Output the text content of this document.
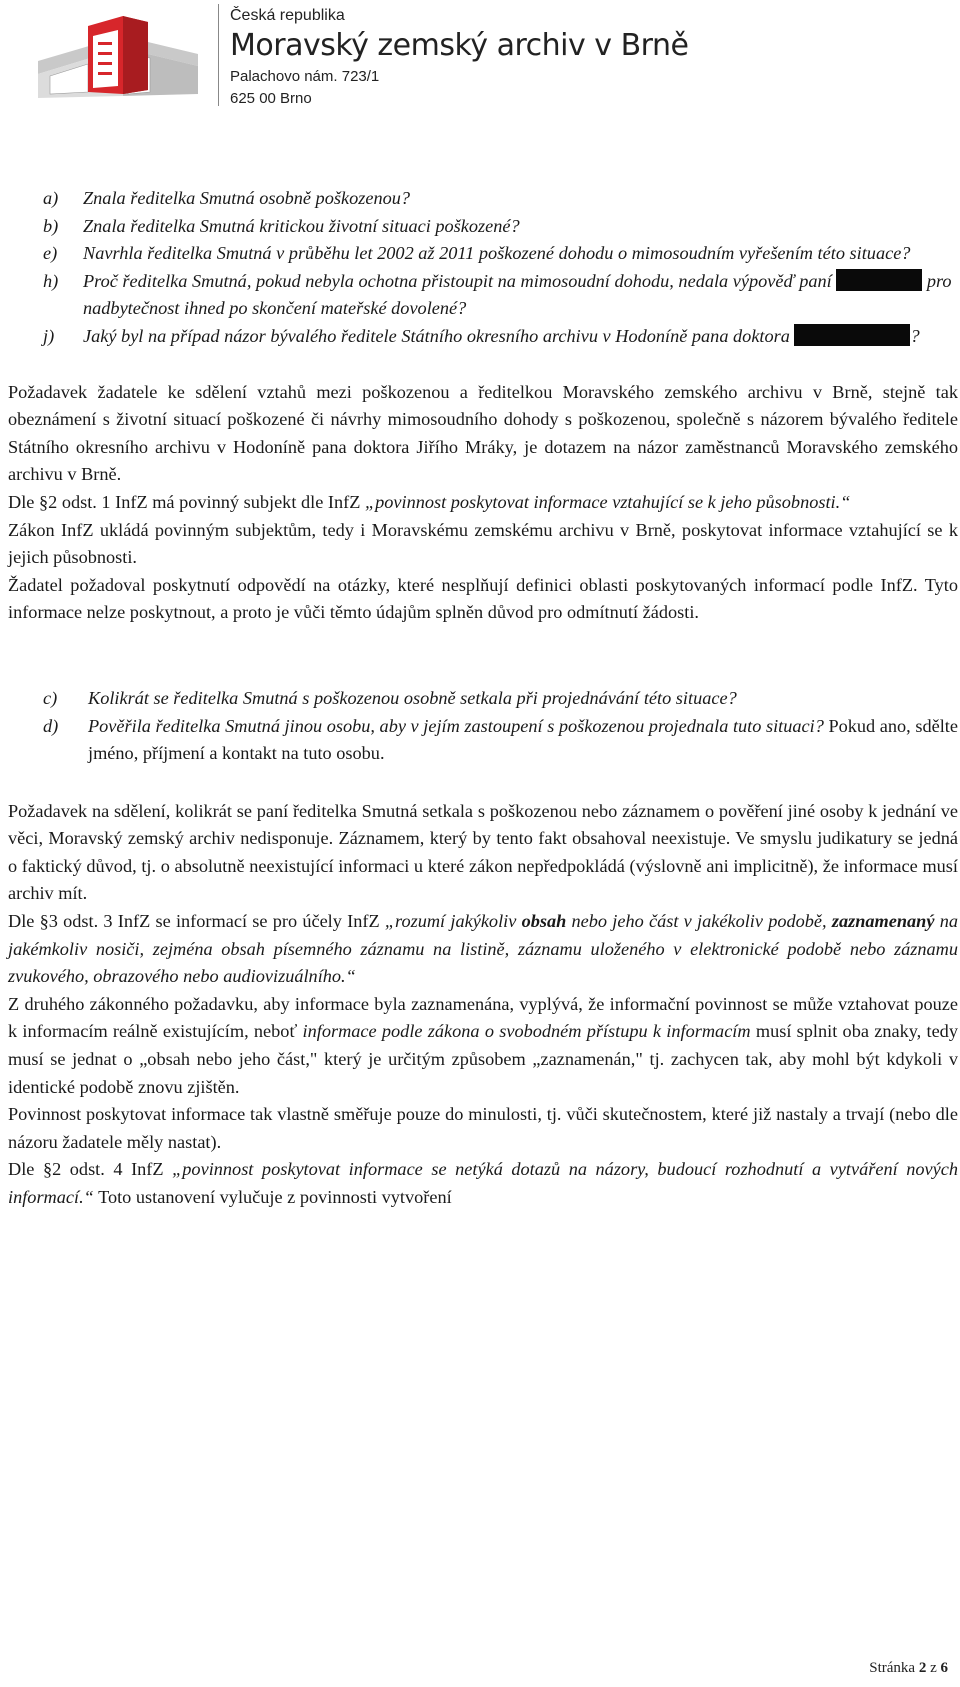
Česká republika
Moravský zemský archiv v Brně
Palachovo nám. 723/1
625 00 Brno
a) Znala ředitelka Smutná osobně poškozenou?
b) Znala ředitelka Smutná kritickou životní situaci poškozené?
e) Navrhla ředitelka Smutná v průběhu let 2002 až 2011 poškozené dohodu o mimosoudním vyřešením této situace?
h) Proč ředitelka Smutná, pokud nebyla ochotna přistoupit na mimosoudní dohodu, nedala výpověď paní	pro nadbytečnost ihned po skončení mateřské dovolené?
j) Jaký byl na případ názor bývalého ředitele Státního okresního archivu v Hodoníně pana doktora	?

Požadavek žadatele ke sdělení vztahů mezi poškozenou a ředitelkou Moravského zemského archivu v Brně, stejně tak obeznámení s životní situací poškozené či návrhy mimosoudního dohody s poškozenou, společně s názorem bývalého ředitele Státního okresního archivu v Hodoníně pana doktora Jiřího Mráky, je dotazem na názor zaměstnanců Moravského zemského archivu v Brně.

Dle §2 odst. 1 InfZ má povinný subjekt dle InfZ „povinnost poskytovat informace vztahující se k jeho působnosti.“

Zákon InfZ ukládá povinným subjektům, tedy i Moravskému zemskému archivu v Brně, poskytovat informace vztahující se k jejich působnosti.

Žadatel požadoval poskytnutí odpovědí na otázky, které nesplňují definici oblasti poskytovaných informací podle InfZ. Tyto informace nelze poskytnout, a proto je vůči těmto údajům splněn důvod pro odmítnutí žádosti.

c) Kolikrát se ředitelka Smutná s poškozenou osobně setkala při projednávání této situace?
d) Pověřila ředitelka Smutná jinou osobu, aby v jejím zastoupení s poškozenou projednala tuto situaci? Pokud ano, sdělte jméno, příjmení a kontakt na tuto osobu.

Požadavek na sdělení, kolikrát se paní ředitelka Smutná setkala s poškozenou nebo záznamem o pověření jiné osoby k jednání ve věci, Moravský zemský archiv nedisponuje. Záznamem, který by tento fakt obsahoval neexistuje. Ve smyslu judikatury se jedná o faktický důvod, tj. o absolutně neexistující informaci u které zákon nepředpokládá (výslovně ani implicitně), že informace musí archiv mít.

Dle §3 odst. 3 InfZ se informací se pro účely InfZ „rozumí jakýkoliv obsah nebo jeho část v jakékoliv podobě, zaznamenaný na jakémkoliv nosiči, zejména obsah písemného záznamu na listině, záznamu uloženého v elektronické podobě nebo záznamu zvukového, obrazového nebo audiovizuálního.“

Z druhého zákonného požadavku, aby informace byla zaznamenána, vyplývá, že informační povinnost se může vztahovat pouze k informacím reálně existujícím, neboť informace podle zákona o svobodném přístupu k informacím musí splnit oba znaky, tedy musí se jednat o „obsah nebo jeho část," který je určitým způsobem „zaznamenán," tj. zachycen tak, aby mohl být kdykoli v identické podobě znovu zjištěn.

Povinnost poskytovat informace tak vlastně směřuje pouze do minulosti, tj. vůči skutečnostem, které již nastaly a trvají (nebo dle názoru žadatele měly nastat).

Dle §2 odst. 4 InfZ „povinnost poskytovat informace se netýká dotazů na názory, budoucí rozhodnutí a vytváření nových informací.“ Toto ustanovení vylučuje z povinnosti vytvoření

Stránka 2 z 6
